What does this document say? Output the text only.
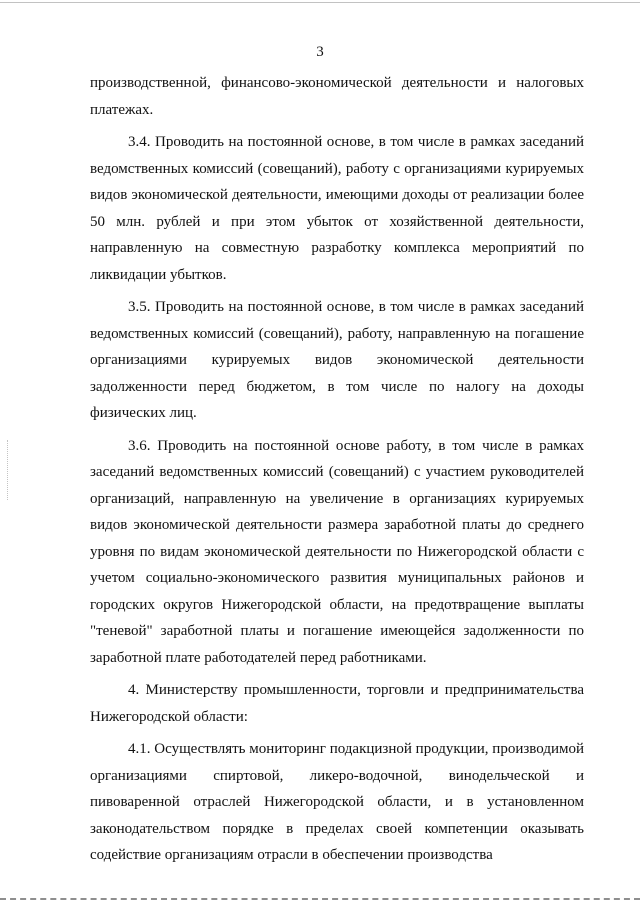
3

производственной, финансово-экономической деятельности и налоговых платежах.

3.4. Проводить на постоянной основе, в том числе в рамках заседаний ведомственных комиссий (совещаний), работу с организациями курируемых видов экономической деятельности, имеющими доходы от реализации более 50 млн. рублей и при этом убыток от хозяйственной деятельности, направленную на совместную разработку комплекса мероприятий по ликвидации убытков.

3.5. Проводить на постоянной основе, в том числе в рамках заседаний ведомственных комиссий (совещаний), работу, направленную на погашение организациями курируемых видов экономической деятельности задолженности перед бюджетом, в том числе по налогу на доходы физических лиц.

3.6. Проводить на постоянной основе работу, в том числе в рамках заседаний ведомственных комиссий (совещаний) с участием руководителей организаций, направленную на увеличение в организациях курируемых видов экономической деятельности размера заработной платы до среднего уровня по видам экономической деятельности по Нижегородской области с учетом социально-экономического развития муниципальных районов и городских округов Нижегородской области, на предотвращение выплаты "теневой" заработной платы и погашение имеющейся задолженности по заработной плате работодателей перед работниками.

4. Министерству промышленности, торговли и предпринимательства Нижегородской области:

4.1. Осуществлять мониторинг подакцизной продукции, производимой организациями спиртовой, ликеро-водочной, винодельческой и пивоваренной отраслей Нижегородской области, и в установленном законодательством порядке в пределах своей компетенции оказывать содействие организациям отрасли в обеспечении производства
